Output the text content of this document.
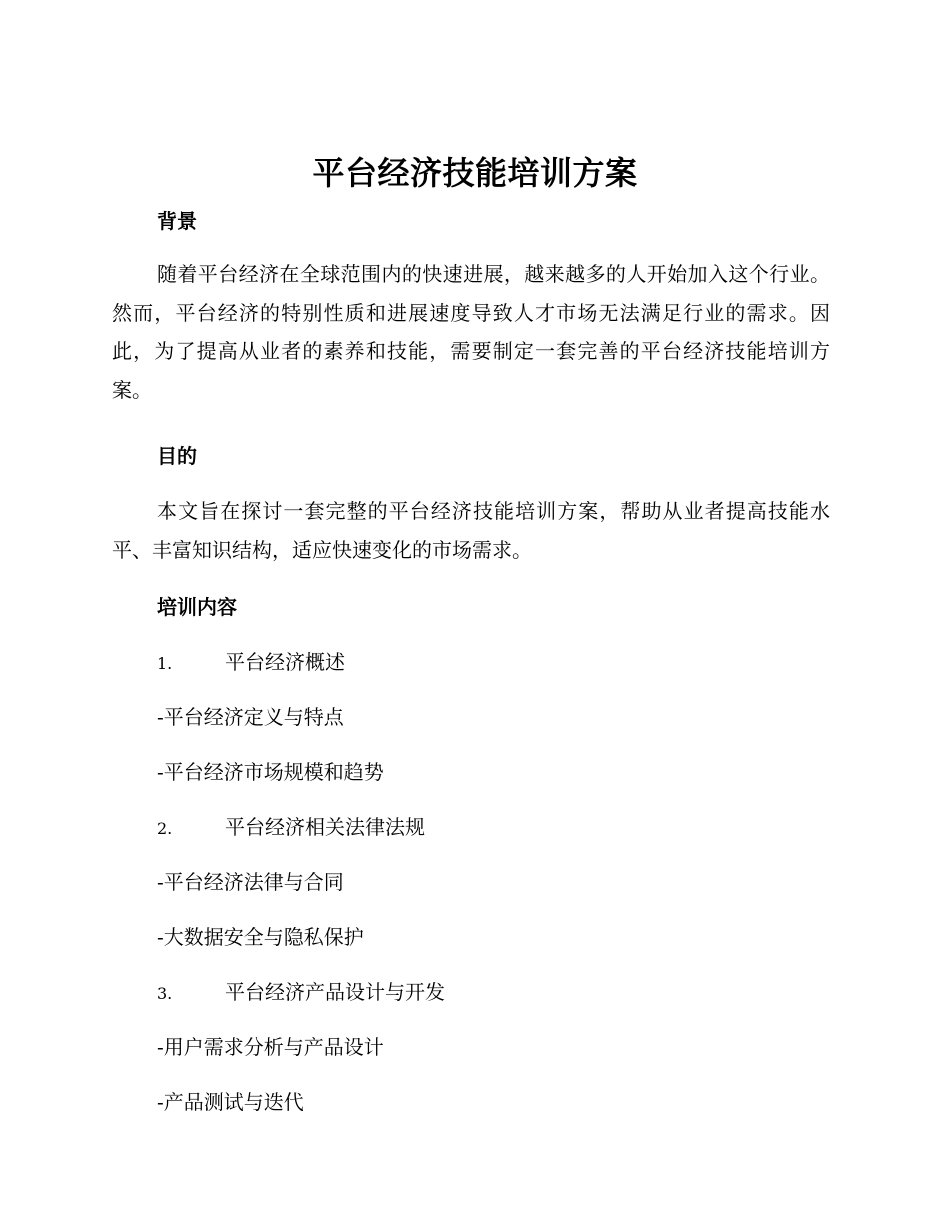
平台经济技能培训方案
背景

随着平台经济在全球范围内的快速进展，越来越多的人开始加入这个行业。然而，平台经济的特别性质和进展速度导致人才市场无法满足行业的需求。因此，为了提高从业者的素养和技能，需要制定一套完善的平台经济技能培训方案。

目的

本文旨在探讨一套完整的平台经济技能培训方案，帮助从业者提高技能水平、丰富知识结构，适应快速变化的市场需求。

培训内容
1.	平台经济概述
-平台经济定义与特点
-平台经济市场规模和趋势
2.	平台经济相关法律法规
-平台经济法律与合同
-大数据安全与隐私保护
3.	平台经济产品设计与开发
-用户需求分析与产品设计
-产品测试与迭代
